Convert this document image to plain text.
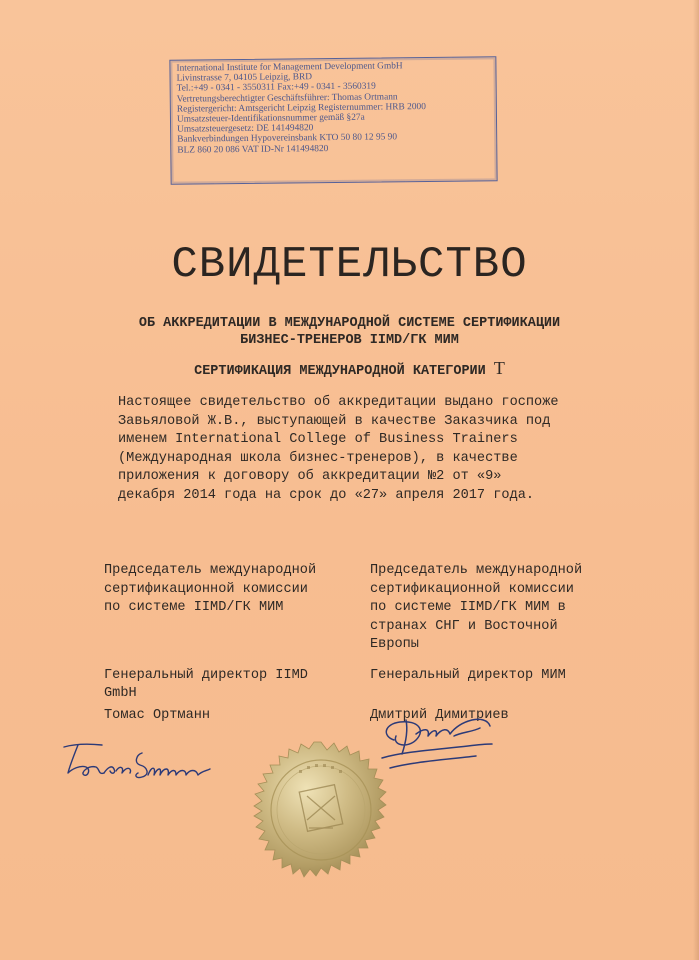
International Institute for Management Development GmbH
Livinstrasse 7, 04105 Leipzig, BRD
Tel.:+49 - 0341 - 3550311 Fax:+49 - 0341 - 3560319
Vertretungsberechtigter Geschäftsführer: Thomas Ortmann
Registergericht: Amtsgericht Leipzig Registernummer: HRB 2000
Umsatzsteuer-Identifikationsnummer gemäß §27a
Umsatzsteuergesetz: DE 141494820
Bankverbindungen Hypovereinsbank KTO 50 80 12 95 90
BLZ 860 20 086 VAT ID-Nr 141494820
СВИДЕТЕЛЬСТВО
ОБ АККРЕДИТАЦИИ В МЕЖДУНАРОДНОЙ СИСТЕМЕ СЕРТИФИКАЦИИ
БИЗНЕС-ТРЕНЕРОВ IIMD/ГК МИМ
СЕРТИФИКАЦИЯ МЕЖДУНАРОДНОЙ КАТЕГОРИИ T
Настоящее свидетельство об аккредитации выдано госпоже
Завьяловой Ж.В., выступающей в качестве Заказчика под
именем International College of Business Trainers
(Международная школа бизнес-тренеров), в качестве
приложения к договору об аккредитации №2 от «9»
декабря 2014 года на срок до «27» апреля 2017 года.
Председатель международной
сертификационной комиссии
по системе IIMD/ГК МИМ
Генеральный директор IIMD
GmbH
Томас Ортманн
Председатель международной
сертификационной комиссии
по системе IIMD/ГК МИМ в
странах СНГ и Восточной
Европы
Генеральный директор МИМ
Дмитрий Димитриев
